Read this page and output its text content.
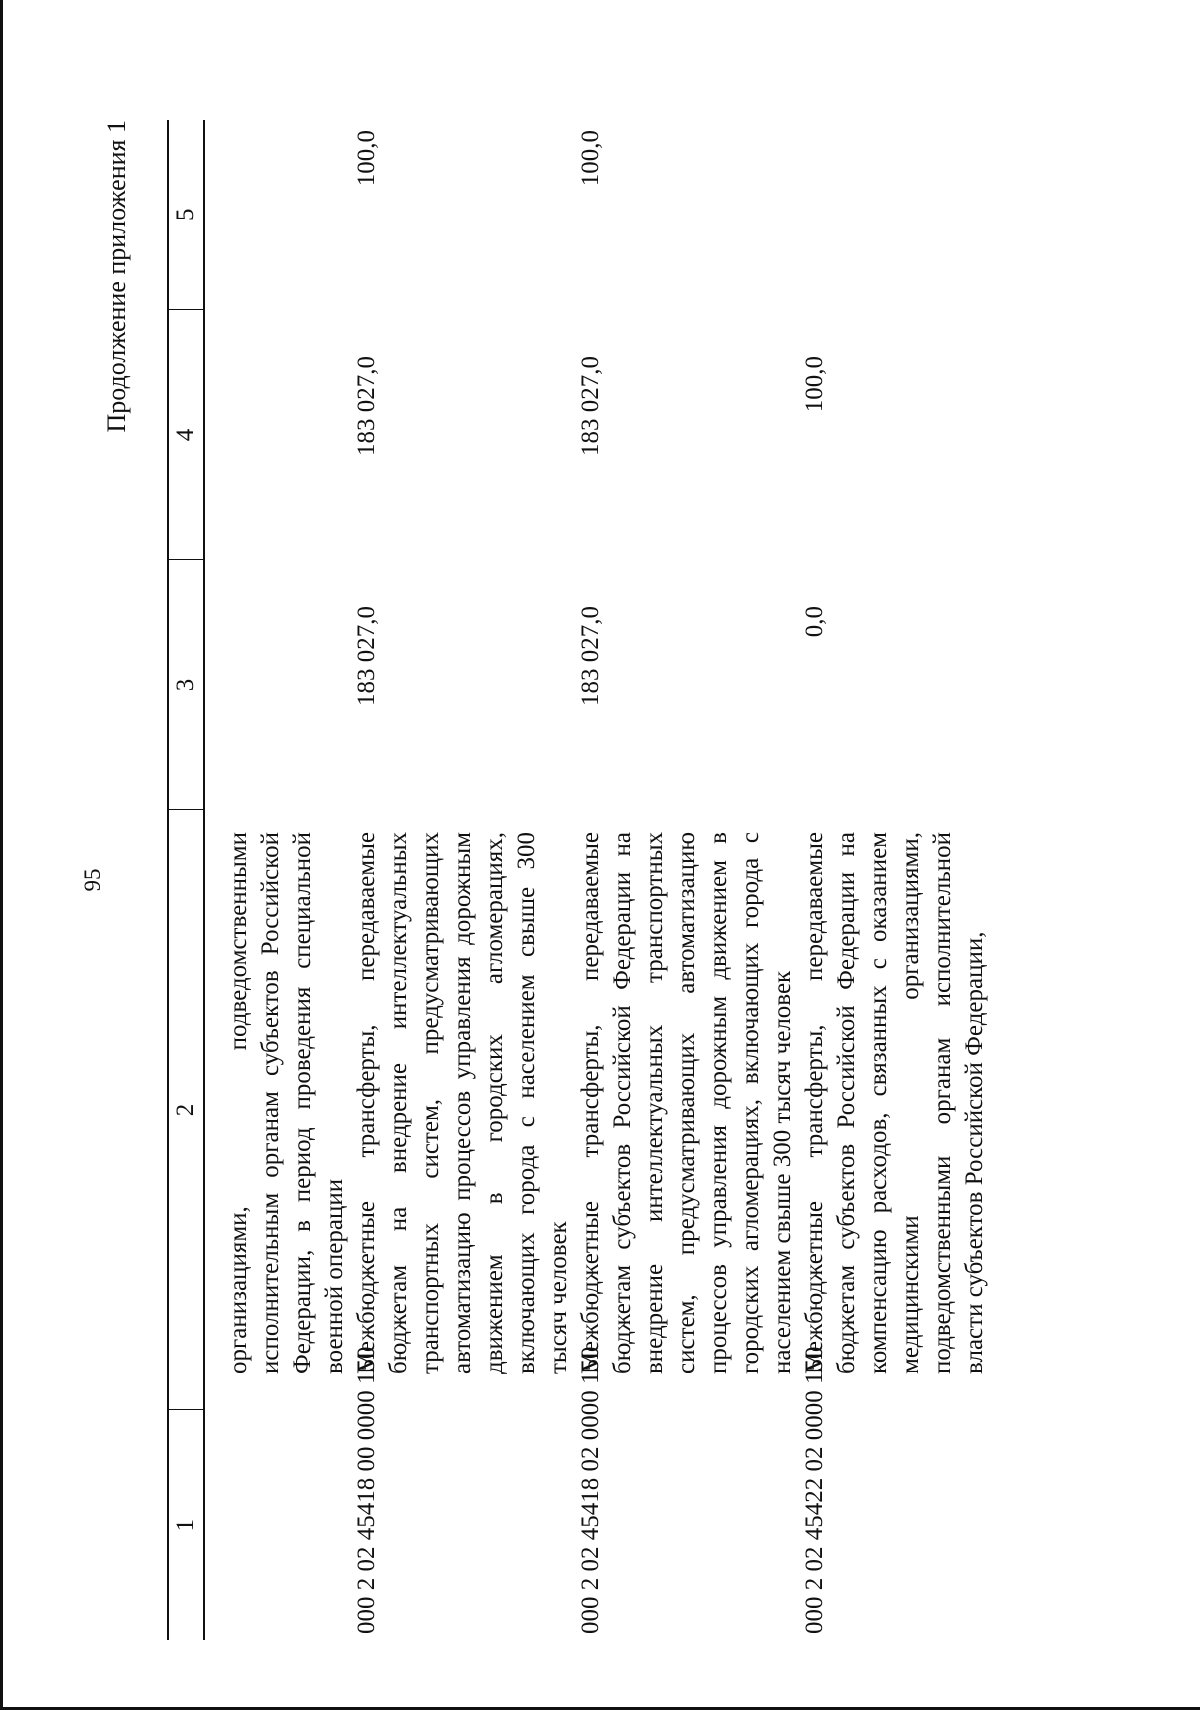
95
Продолжение приложения 1
1	2	3	4	5

	организациями, подведомственными исполнительным органам субъектов Российской Федерации, в период проведения специальной военной операции			
000 2 02 45418 00 0000 150	Межбюджетные трансферты, передаваемые бюджетам на внедрение интеллектуальных транспортных систем, предусматривающих автоматизацию процессов управления дорожным движением в городских агломерациях, включающих города с населением свыше 300 тысяч человек	183 027,0	183 027,0	100,0
000 2 02 45418 02 0000 150	Межбюджетные трансферты, передаваемые бюджетам субъектов Российской Федерации на внедрение интеллектуальных транспортных систем, предусматривающих автоматизацию процессов управления дорожным движением в городских агломерациях, включающих города с населением свыше 300 тысяч человек	183 027,0	183 027,0	100,0
000 2 02 45422 02 0000 150	Межбюджетные трансферты, передаваемые бюджетам субъектов Российской Федерации на компенсацию расходов, связанных с оказанием медицинскими организациями, подведомственными органам исполнительной власти субъектов Российской Федерации,	0,0	100,0	
